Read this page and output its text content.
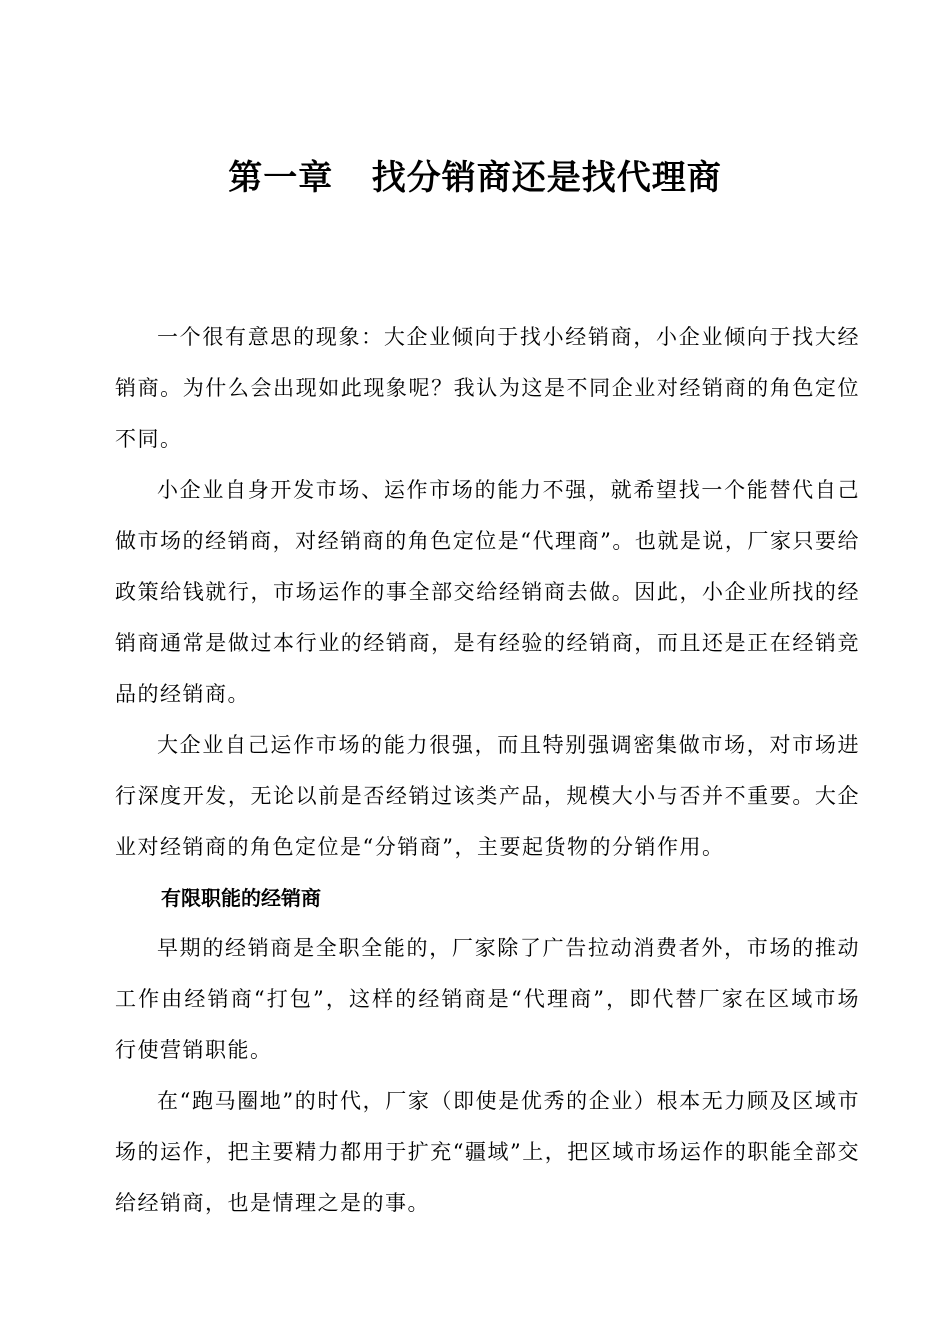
第一章   找分销商还是找代理商

一个很有意思的现象：大企业倾向于找小经销商，小企业倾向于找大经销商。为什么会出现如此现象呢？我认为这是不同企业对经销商的角色定位不同。

小企业自身开发市场、运作市场的能力不强，就希望找一个能替代自己做市场的经销商，对经销商的角色定位是“代理商”。也就是说，厂家只要给政策给钱就行，市场运作的事全部交给经销商去做。因此，小企业所找的经销商通常是做过本行业的经销商，是有经验的经销商，而且还是正在经销竞品的经销商。

大企业自己运作市场的能力很强，而且特别强调密集做市场，对市场进行深度开发，无论以前是否经销过该类产品，规模大小与否并不重要。大企业对经销商的角色定位是“分销商”，主要起货物的分销作用。

有限职能的经销商

早期的经销商是全职全能的，厂家除了广告拉动消费者外，市场的推动工作由经销商“打包”，这样的经销商是“代理商”，即代替厂家在区域市场行使营销职能。

在“跑马圈地”的时代，厂家（即使是优秀的企业）根本无力顾及区域市场的运作，把主要精力都用于扩充“疆域”上，把区域市场运作的职能全部交给经销商，也是情理之是的事。
